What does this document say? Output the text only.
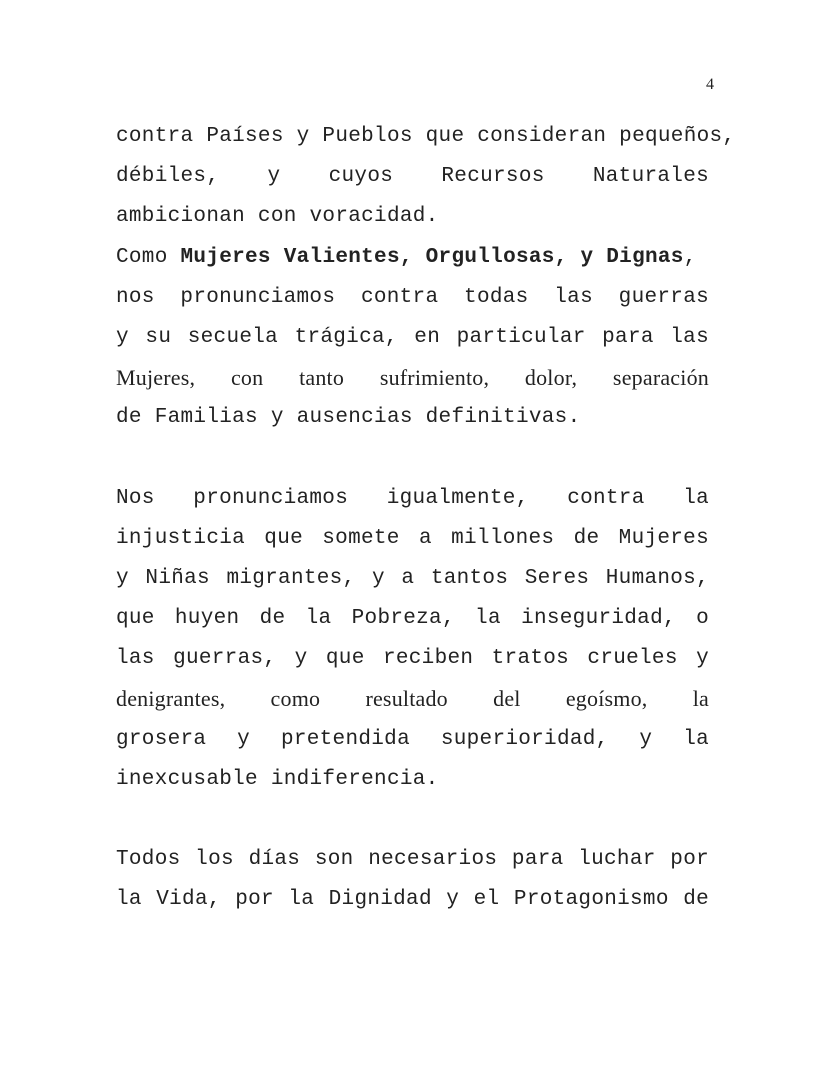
4
contra Países y Pueblos que consideran pequeños,
débiles, y cuyos Recursos Naturales
ambicionan con voracidad.
Como Mujeres Valientes, Orgullosas, y Dignas,
nos pronunciamos contra todas las guerras
y su secuela trágica, en particular para las
Mujeres, con tanto sufrimiento, dolor, separación
de Familias y ausencias definitivas.
Nos pronunciamos igualmente, contra la
injusticia que somete a millones de Mujeres
y Niñas migrantes, y a tantos Seres Humanos,
que huyen de la Pobreza, la inseguridad, o
las guerras, y que reciben tratos crueles y
denigrantes, como resultado del egoísmo, la
grosera y pretendida superioridad, y la
inexcusable indiferencia.
Todos los días son necesarios para luchar por
la Vida, por la Dignidad y el Protagonismo de
